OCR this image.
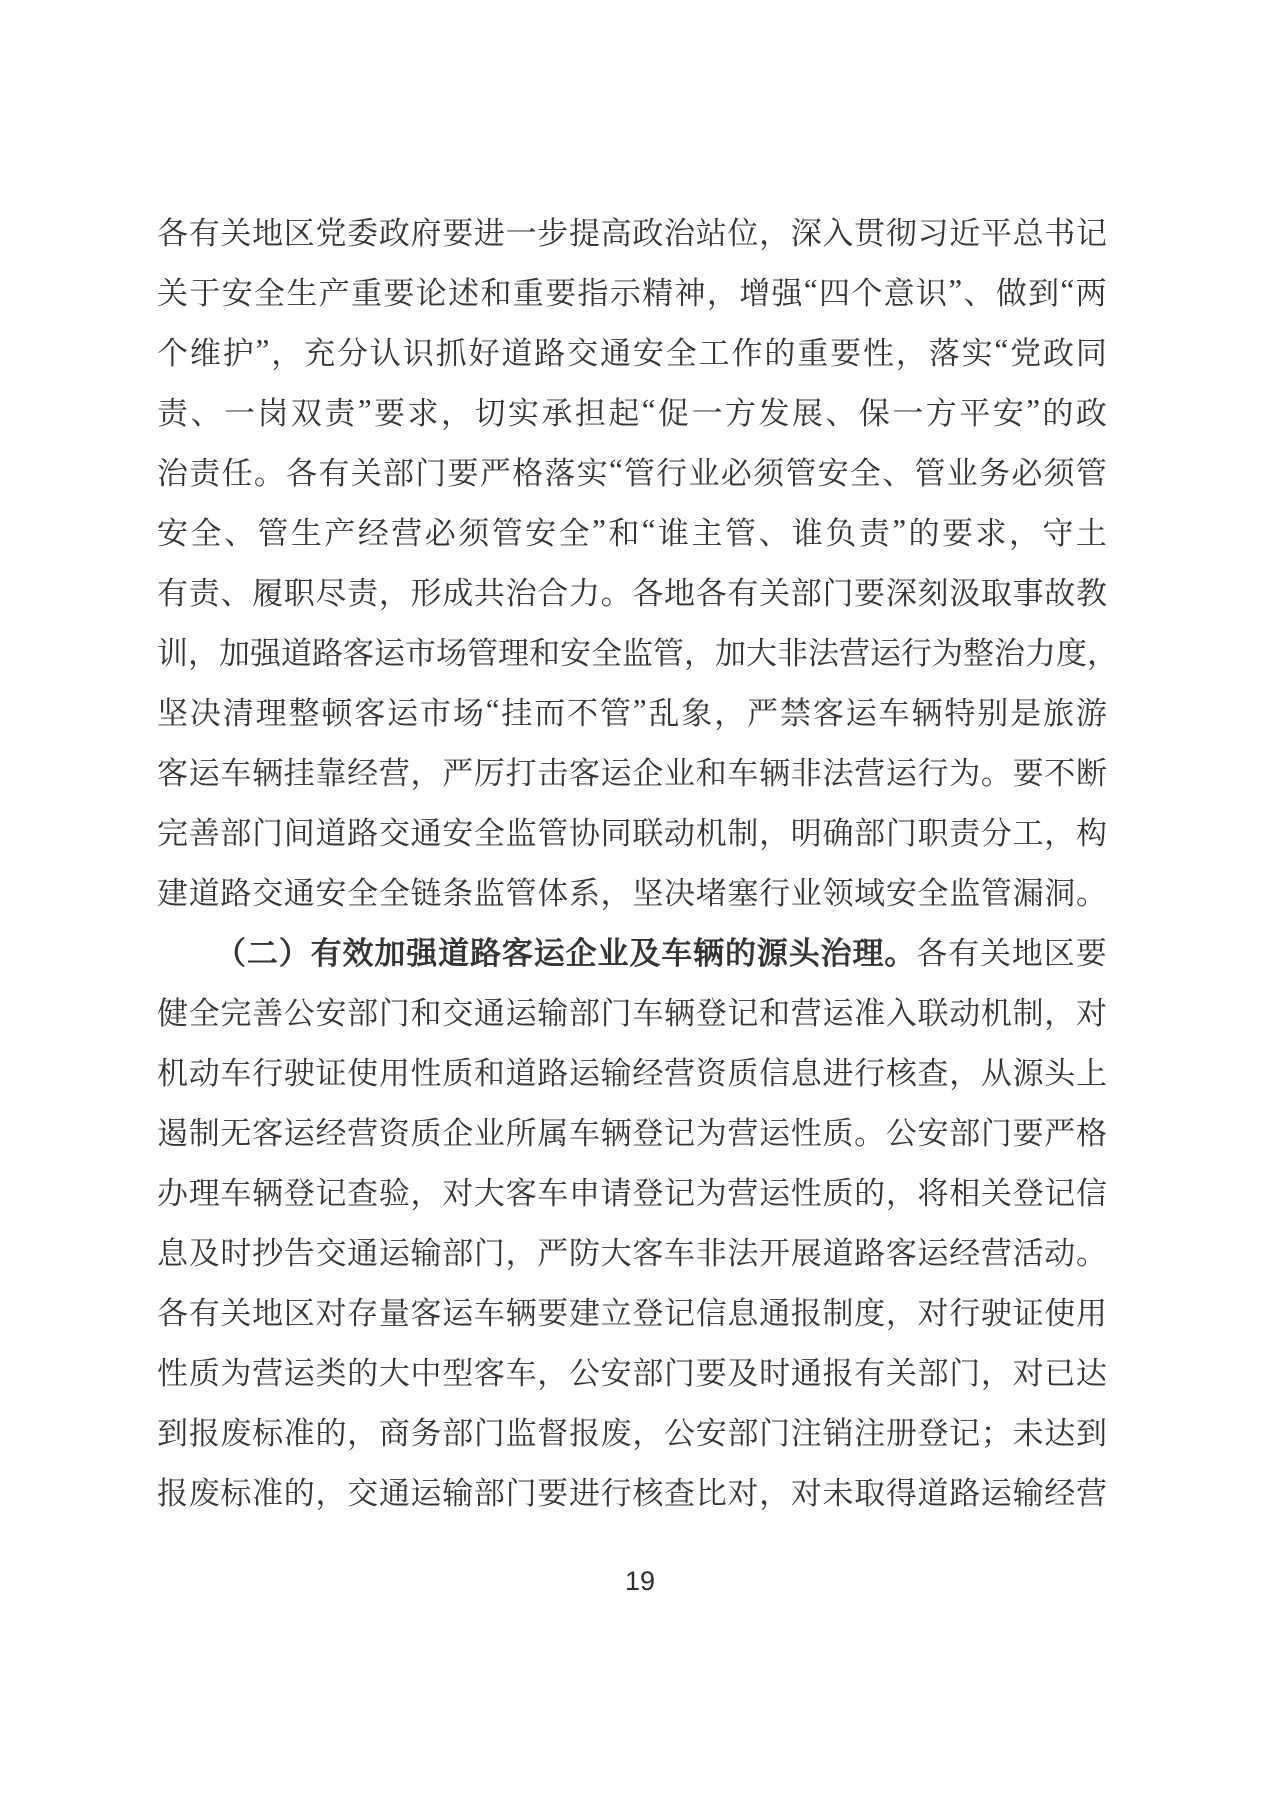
各 有 关 地 区 党 委 政 府 要 进 一 步 提 高 政 治 站 位 ， 深 入 贯 彻 习 近 平 总 书 记
关 于 安 全 生 产 重 要 论 述 和 重 要 指 示 精 神 ， 增 强 “ 四 个 意 识 ” 、 做 到 “ 两
个 维 护 ” ， 充 分 认 识 抓 好 道 路 交 通 安 全 工 作 的 重 要 性 ， 落 实 “ 党 政 同
责 、 一 岗 双 责 ” 要 求 ， 切 实 承 担 起 “ 促 一 方 发 展 、 保 一 方 平 安 ” 的 政
治 责 任 。 各 有 关 部 门 要 严 格 落 实 “ 管 行 业 必 须 管 安 全 、 管 业 务 必 须 管
安 全 、 管 生 产 经 营 必 须 管 安 全 ” 和 “ 谁 主 管 、 谁 负 责 ” 的 要 求 ， 守 土
有 责 、 履 职 尽 责 ， 形 成 共 治 合 力 。 各 地 各 有 关 部 门 要 深 刻 汲 取 事 故 教
训 ， 加 强 道 路 客 运 市 场 管 理 和 安 全 监 管 ， 加 大 非 法 营 运 行 为 整 治 力 度 ，
坚 决 清 理 整 顿 客 运 市 场 “ 挂 而 不 管 ” 乱 象 ， 严 禁 客 运 车 辆 特 别 是 旅 游
客 运 车 辆 挂 靠 经 营 ， 严 厉 打 击 客 运 企 业 和 车 辆 非 法 营 运 行 为 。 要 不 断
完 善 部 门 间 道 路 交 通 安 全 监 管 协 同 联 动 机 制 ， 明 确 部 门 职 责 分 工 ， 构
建 道 路 交 通 安 全 全 链 条 监 管 体 系 ， 坚 决 堵 塞 行 业 领 域 安 全 监 管 漏 洞 。
（ 二 ） 有 效 加 强 道 路 客 运 企 业 及 车 辆 的 源 头 治 理 。 各 有 关 地 区 要
健 全 完 善 公 安 部 门 和 交 通 运 输 部 门 车 辆 登 记 和 营 运 准 入 联 动 机 制 ， 对
机 动 车 行 驶 证 使 用 性 质 和 道 路 运 输 经 营 资 质 信 息 进 行 核 查 ， 从 源 头 上
遏 制 无 客 运 经 营 资 质 企 业 所 属 车 辆 登 记 为 营 运 性 质 。 公 安 部 门 要 严 格
办 理 车 辆 登 记 查 验 ， 对 大 客 车 申 请 登 记 为 营 运 性 质 的 ， 将 相 关 登 记 信
息 及 时 抄 告 交 通 运 输 部 门 ， 严 防 大 客 车 非 法 开 展 道 路 客 运 经 营 活 动 。
各 有 关 地 区 对 存 量 客 运 车 辆 要 建 立 登 记 信 息 通 报 制 度 ， 对 行 驶 证 使 用
性 质 为 营 运 类 的 大 中 型 客 车 ， 公 安 部 门 要 及 时 通 报 有 关 部 门 ， 对 已 达
到 报 废 标 准 的 ， 商 务 部 门 监 督 报 废 ， 公 安 部 门 注 销 注 册 登 记 ； 未 达 到
报 废 标 准 的 ， 交 通 运 输 部 门 要 进 行 核 查 比 对 ， 对 未 取 得 道 路 运 输 经 营
19
